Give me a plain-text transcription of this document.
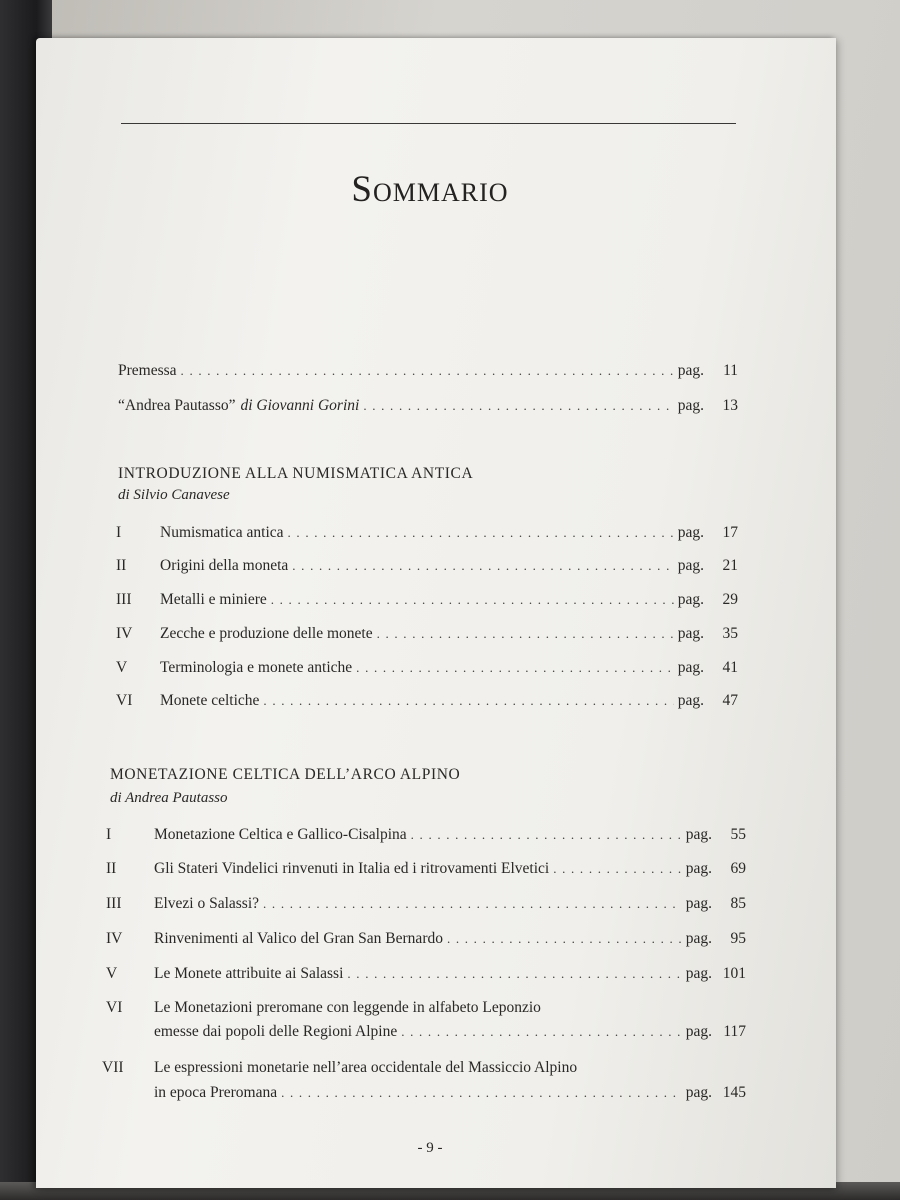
Sommario
Premessa . . .	pag.	11
“Andrea Pautasso” di Giovanni Gorini . . .	pag.	13
INTRODUZIONE ALLA NUMISMATICA ANTICA
di Silvio Canavese
I	Numismatica antica . . .	pag.	17
II	Origini della moneta . . .	pag.	21
III	Metalli e miniere . . .	pag.	29
IV	Zecche e produzione delle monete . . .	pag.	35
V	Terminologia e monete antiche . . .	pag.	41
VI	Monete celtiche . . .	pag.	47
MONETAZIONE CELTICA DELL’ARCO ALPINO
di Andrea Pautasso
I	Monetazione Celtica e Gallico-Cisalpina . . .	pag.	55
II	Gli Stateri Vindelici rinvenuti in Italia ed i ritrovamenti Elvetici . . .	pag.	69
III	Elvezi o Salassi? . . .	pag.	85
IV	Rinvenimenti al Valico del Gran San Bernardo . . .	pag.	95
V	Le Monete attribuite ai Salassi . . .	pag. 101
VI	Le Monetazioni preromane con leggende in alfabeto Leponzio
emesse dai popoli delle Regioni Alpine . . .	pag. 117
VII	Le espressioni monetarie nell’area occidentale del Massiccio Alpino
in epoca Preromana . . .	pag. 145
- 9 -
